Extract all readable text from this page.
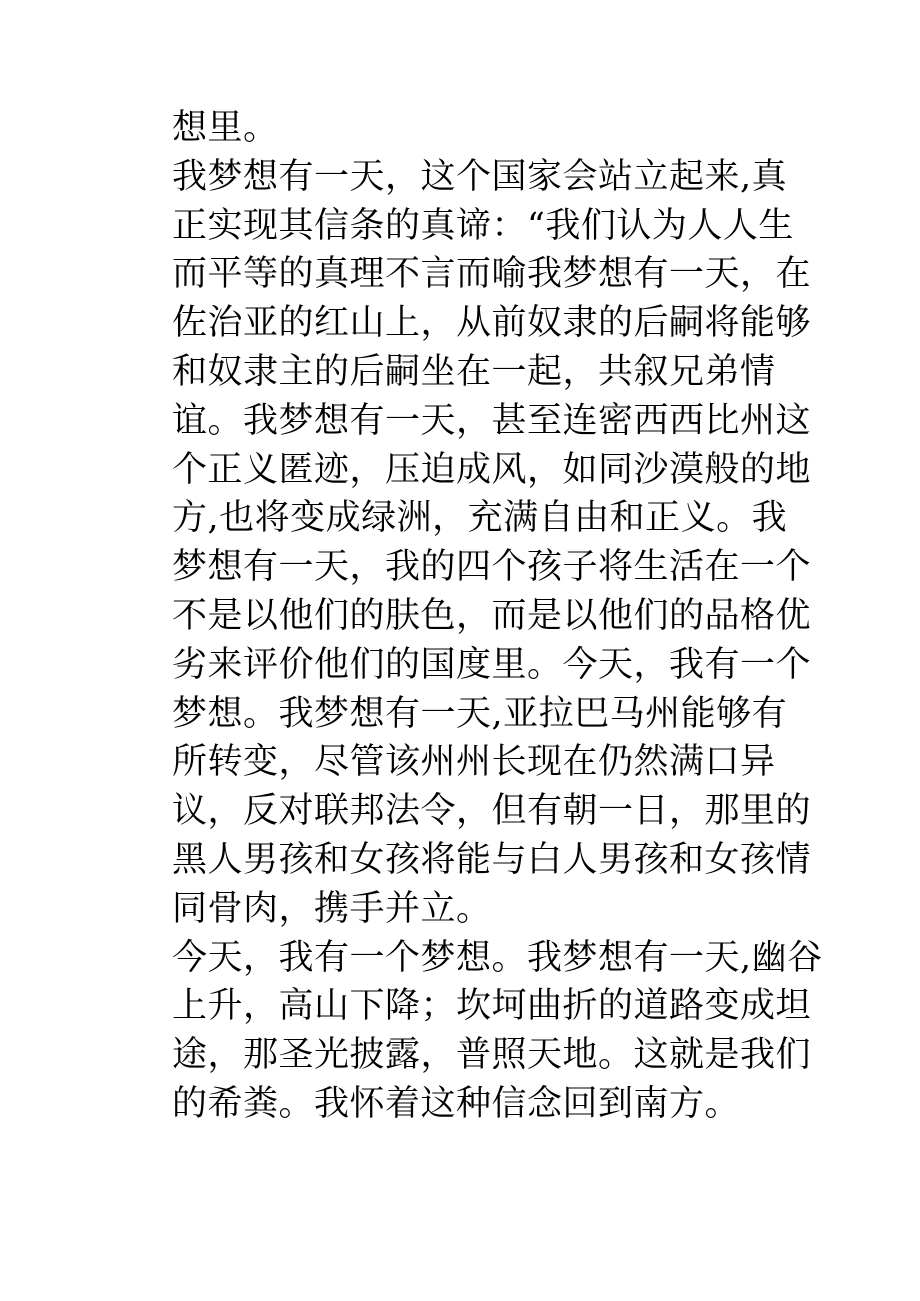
想里。
我梦想有一天，这个国家会站立起来,真
正实现其信条的真谛：“我们认为人人生
而平等的真理不言而喻我梦想有一天，在
佐治亚的红山上，从前奴隶的后嗣将能够
和奴隶主的后嗣坐在一起，共叙兄弟情
谊。我梦想有一天，甚至连密西西比州这
个正义匿迹，压迫成风，如同沙漠般的地
方,也将变成绿洲，充满自由和正义。我
梦想有一天，我的四个孩子将生活在一个
不是以他们的肤色，而是以他们的品格优
劣来评价他们的国度里。今天，我有一个
梦想。我梦想有一天,亚拉巴马州能够有
所转变，尽管该州州长现在仍然满口异
议，反对联邦法令，但有朝一日，那里的
黑人男孩和女孩将能与白人男孩和女孩情
同骨肉，携手并立。
今天，我有一个梦想。我梦想有一天,幽谷
上升，高山下降；坎坷曲折的道路变成坦
途，那圣光披露，普照天地。这就是我们
的希粪。我怀着这种信念回到南方。
